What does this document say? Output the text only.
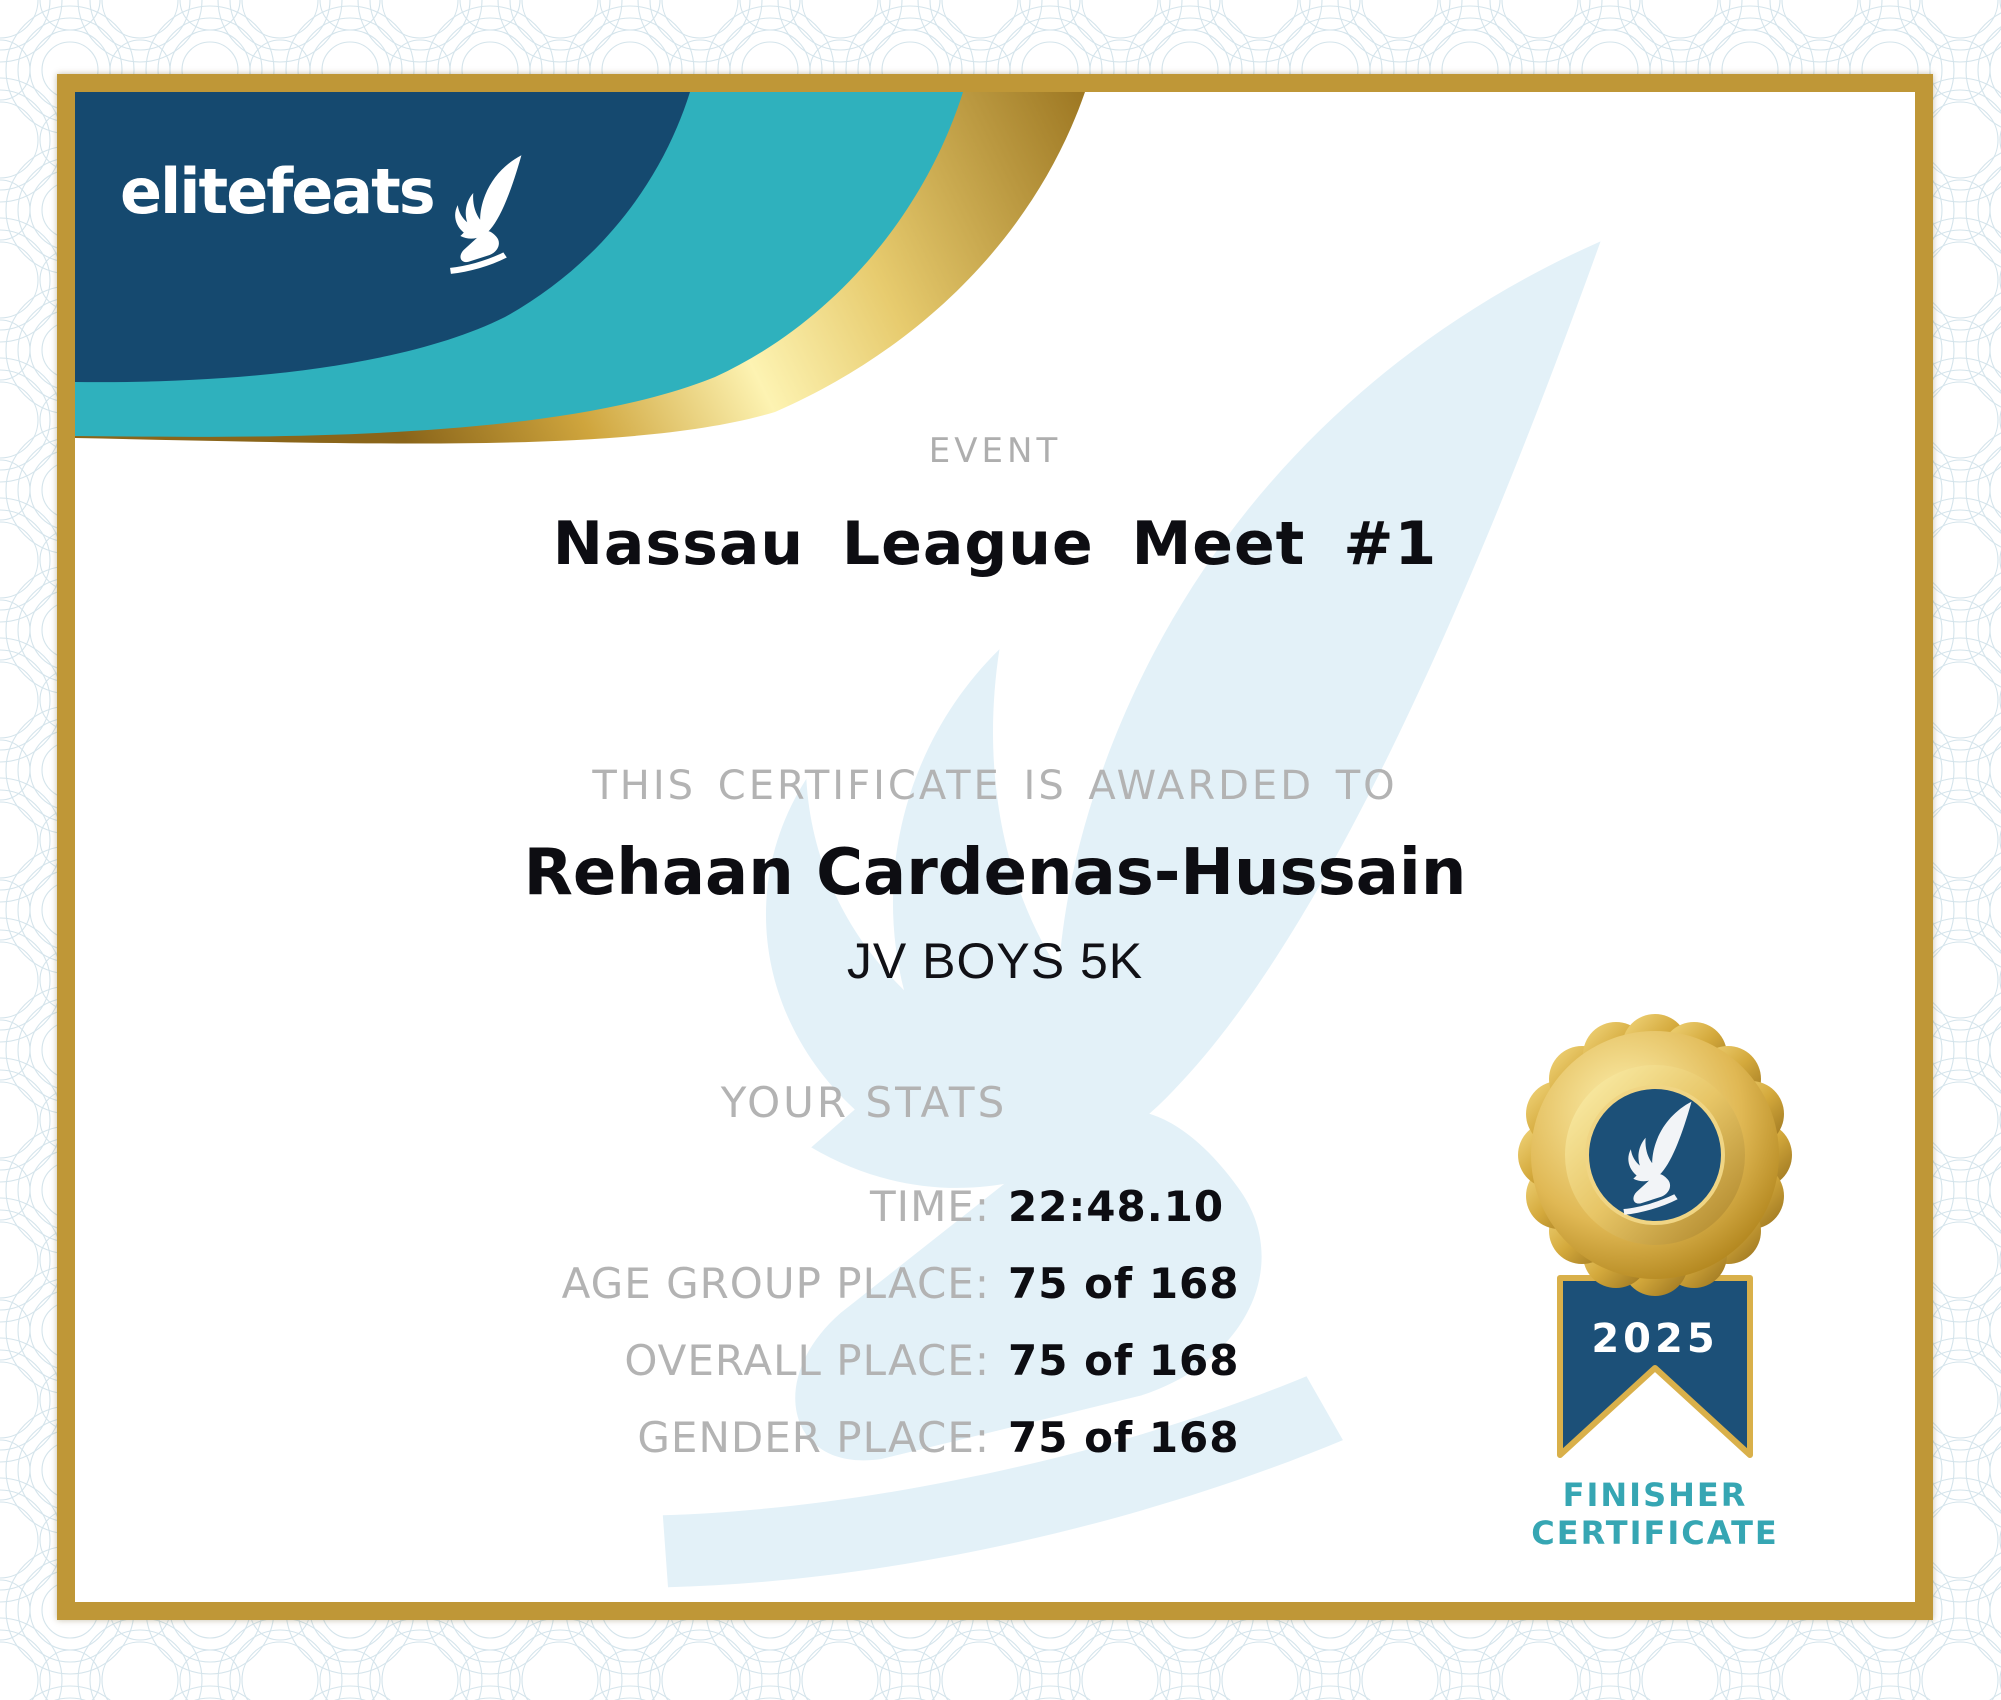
elitefeats
EVENT
Nassau League Meet #1
THIS CERTIFICATE IS AWARDED TO
Rehaan Cardenas-Hussain
JV BOYS 5K
YOUR STATS
TIME: 22:48.10
AGE GROUP PLACE: 75 of 168
OVERALL PLACE: 75 of 168
GENDER PLACE: 75 of 168
2025
FINISHER
CERTIFICATE
